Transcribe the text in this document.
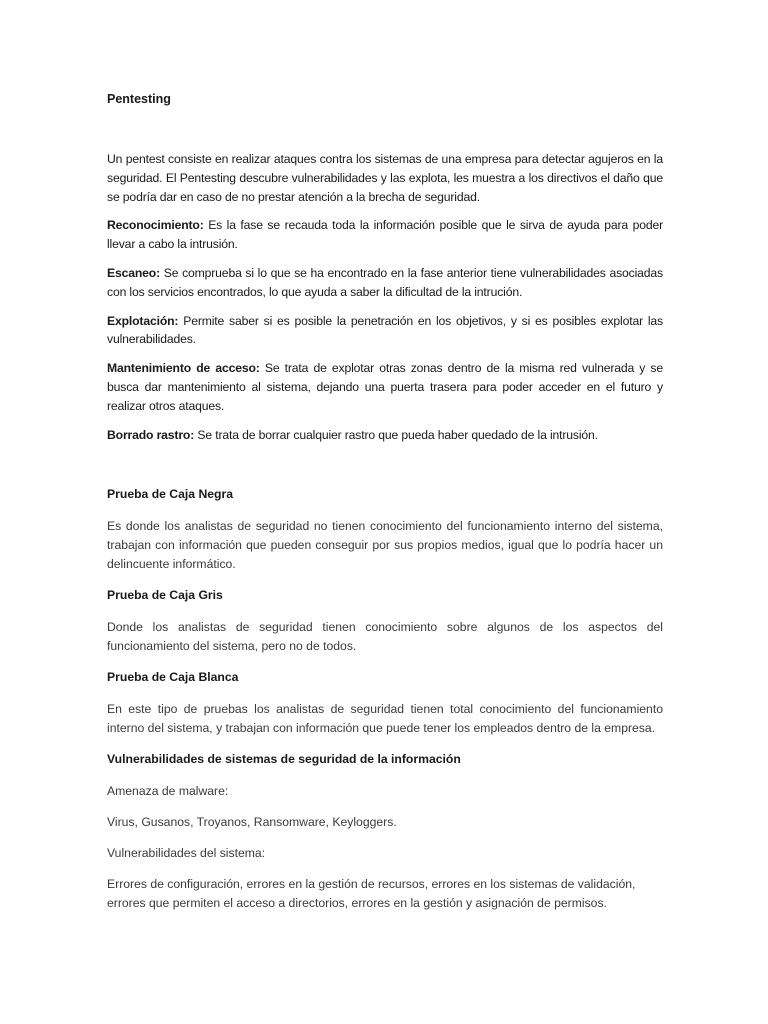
Pentesting

Un pentest consiste en realizar ataques contra los sistemas de una empresa para detectar agujeros en la seguridad. El Pentesting descubre vulnerabilidades y las explota, les muestra a los directivos el daño que se podría dar en caso de no prestar atención a la brecha de seguridad.

Reconocimiento: Es la fase se recauda toda la información posible que le sirva de ayuda para poder llevar a cabo la intrusión.

Escaneo: Se comprueba si lo que se ha encontrado en la fase anterior tiene vulnerabilidades asociadas con los servicios encontrados, lo que ayuda a saber la dificultad de la intrución.

Explotación: Permite saber si es posible la penetración en los objetivos, y si es posibles explotar las vulnerabilidades.

Mantenimiento de acceso: Se trata de explotar otras zonas dentro de la misma red vulnerada y se busca dar mantenimiento al sistema, dejando una puerta trasera para poder acceder en el futuro y realizar otros ataques.

Borrado rastro: Se trata de borrar cualquier rastro que pueda haber quedado de la intrusión.

Prueba de Caja Negra

Es donde los analistas de seguridad no tienen conocimiento del funcionamiento interno del sistema, trabajan con información que pueden conseguir por sus propios medios, igual que lo podría hacer un delincuente informático.

Prueba de Caja Gris

Donde los analistas de seguridad tienen conocimiento sobre algunos de los aspectos del funcionamiento del sistema, pero no de todos.

Prueba de Caja Blanca

En este tipo de pruebas los analistas de seguridad tienen total conocimiento del funcionamiento interno del sistema, y trabajan con información que puede tener los empleados dentro de la empresa.

Vulnerabilidades de sistemas de seguridad de la información

Amenaza de malware:

Virus, Gusanos, Troyanos, Ransomware, Keyloggers.

Vulnerabilidades del sistema:

Errores de configuración, errores en la gestión de recursos, errores en los sistemas de validación, errores que permiten el acceso a directorios, errores en la gestión y asignación de permisos.
